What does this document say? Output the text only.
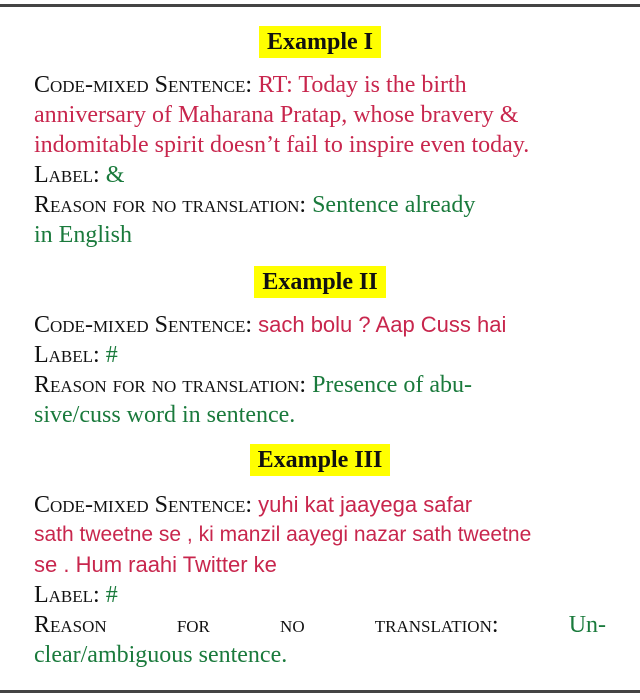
Example I
Code-mixed Sentence: RT: Today is the birth
anniversary of Maharana Pratap, whose bravery &
indomitable spirit doesn’t fail to inspire even today.
Label: &
Reason for no translation: Sentence already
in English
Example II
Code-mixed Sentence: sach bolu ? Aap Cuss hai
Label: #
Reason for no translation: Presence of abu-
sive/cuss word in sentence.
Example III
Code-mixed Sentence: yuhi kat jaayega safar
sath tweetne se , ki manzil aayegi nazar sath tweetne
se . Hum raahi Twitter ke
Label: #
Reason for no translation:	Un-
clear/ambiguous sentence.
